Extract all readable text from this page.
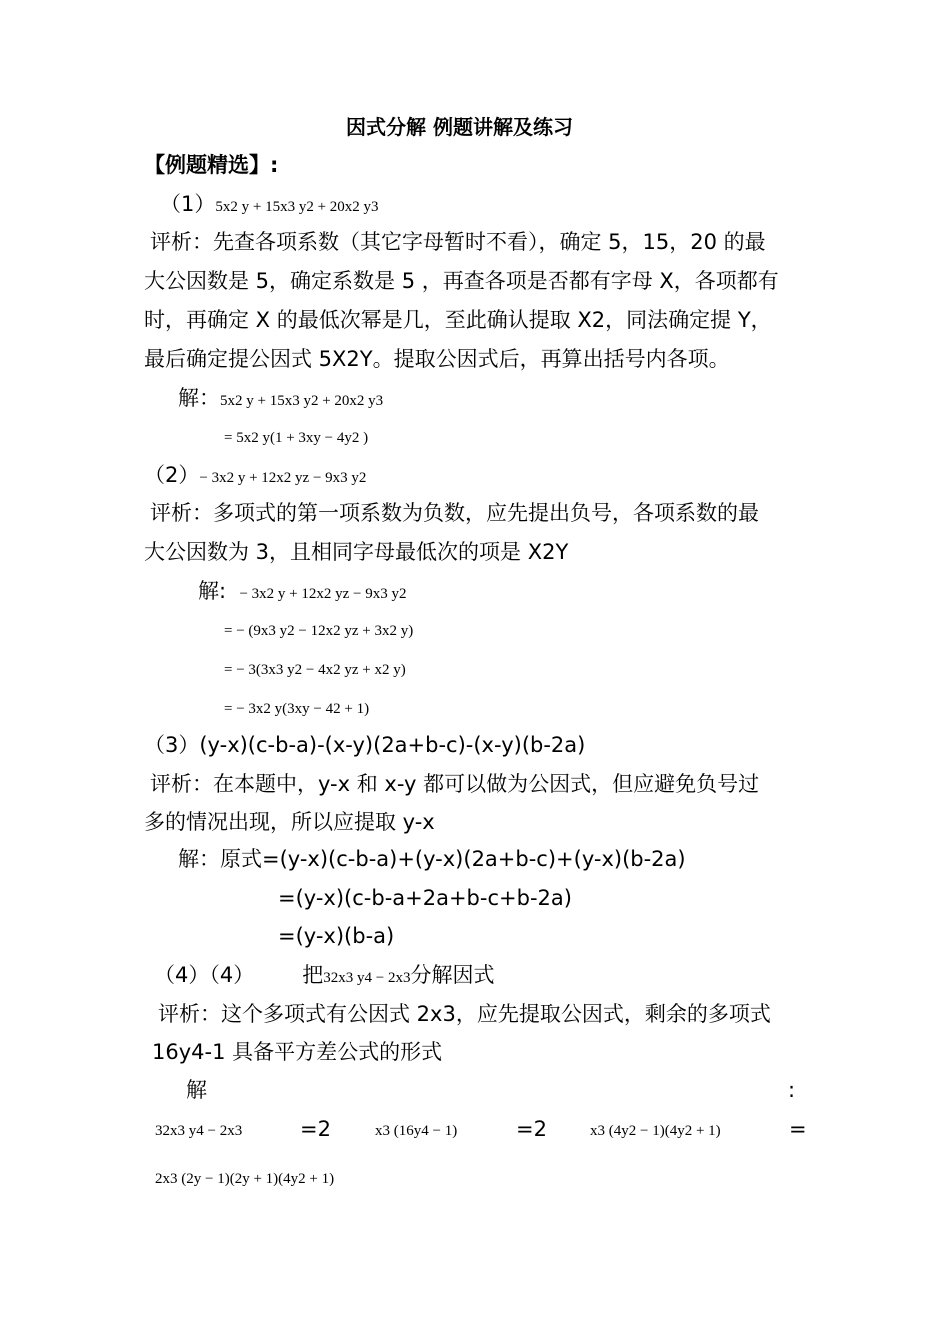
因式分解 例题讲解及练习
【例题精选】:
（1）5x2 y + 15x3 y2 + 20x2 y3
评析：先查各项系数（其它字母暂时不看），确定 5，15，20 的最
大公因数是 5，确定系数是 5 ，再查各项是否都有字母 X，各项都有
时，再确定 X 的最低次幂是几，至此确认提取 X2，同法确定提 Y，
最后确定提公因式 5X2Y。提取公因式后，再算出括号内各项。
解：5x2 y + 15x3 y2 + 20x2 y3
= 5x2 y(1 + 3xy − 4y2 )
（2）− 3x2 y + 12x2 yz − 9x3 y2
评析：多项式的第一项系数为负数，应先提出负号，各项系数的最
大公因数为 3，且相同字母最低次的项是 X2Y
解: − 3x2 y + 12x2 yz − 9x3 y2
= − (9x3 y2 − 12x2 yz + 3x2 y)
= − 3(3x3 y2 − 4x2 yz + x2 y)
= − 3x2 y(3xy − 42 + 1)
（3）(y-x)(c-b-a)-(x-y)(2a+b-c)-(x-y)(b-2a)
评析：在本题中，y-x 和 x-y 都可以做为公因式，但应避免负号过
多的情况出现，所以应提取 y-x
解：原式=(y-x)(c-b-a)+(y-x)(2a+b-c)+(y-x)(b-2a)
=(y-x)(c-b-a+2a+b-c+b-2a)
=(y-x)(b-a)
（4）（4） 把32x3 y4 − 2x3分解因式
评析：这个多项式有公因式 2x3，应先提取公因式，剩余的多项式
16y4-1 具备平方差公式的形式
解	:
32x3 y4 − 2x3	=2	x3 (16y4 − 1)	=2	x3 (4y2 − 1)(4y2 + 1)	=
2x3 (2y − 1)(2y + 1)(4y2 + 1)
